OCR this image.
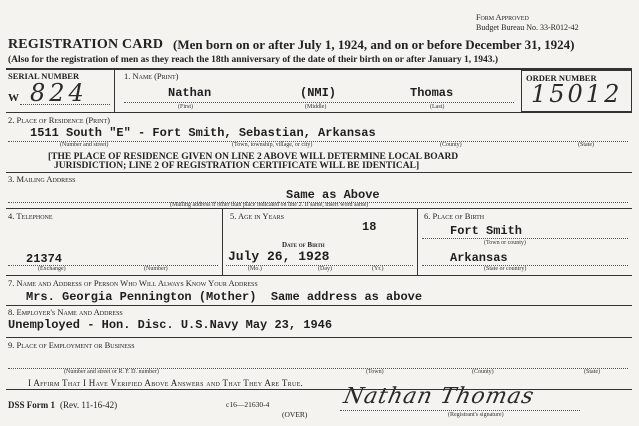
Form Approved
Budget Bureau No. 33-R012-42
REGISTRATION CARD (Men born on or after July 1, 1924, and on or before December 31, 1924)
(Also for the registration of men as they reach the 18th anniversary of the date of their birth on or after January 1, 1943.)
SERIAL NUMBER
W 824
1. Name (Print)
Nathan	(NMI)	Thomas
(First)	(Middle)	(Last)
ORDER NUMBER
15012
2. Place of Residence (Print)
1511 South "E" - Fort Smith, Sebastian, Arkansas
(Number and street)	(Town, township, village, or city)	(County)	(State)
[THE PLACE OF RESIDENCE GIVEN ON LINE 2 ABOVE WILL DETERMINE LOCAL BOARD
JURISDICTION; LINE 2 OF REGISTRATION CERTIFICATE WILL BE IDENTICAL]
3. Mailing Address
Same as Above
(Mailing address if other than place indicated on line 2. If same, insert word same)
4. Telephone
21374
(Exchange)	(Number)
5. Age in Years
18
Date of Birth
July 26, 1928
(Mo.)	(Day)	(Yr.)
6. Place of Birth
Fort Smith
(Town or county)
Arkansas
(State or country)
7. Name and Address of Person Who Will Always Know Your Address
Mrs. Georgia Pennington (Mother)  Same address as above
8. Employer's Name and Address
Unemployed - Hon. Disc. U.S.Navy May 23, 1946
9. Place of Employment or Business
(Number and street or R. F. D. number)	(Town)	(County)	(State)
I Affirm That I Have Verified Above Answers and That They Are True.
DSS Form 1 (Rev. 11-16-42)	c16—21630-4
(OVER)
Nathan Thomas
(Registrant's signature)
